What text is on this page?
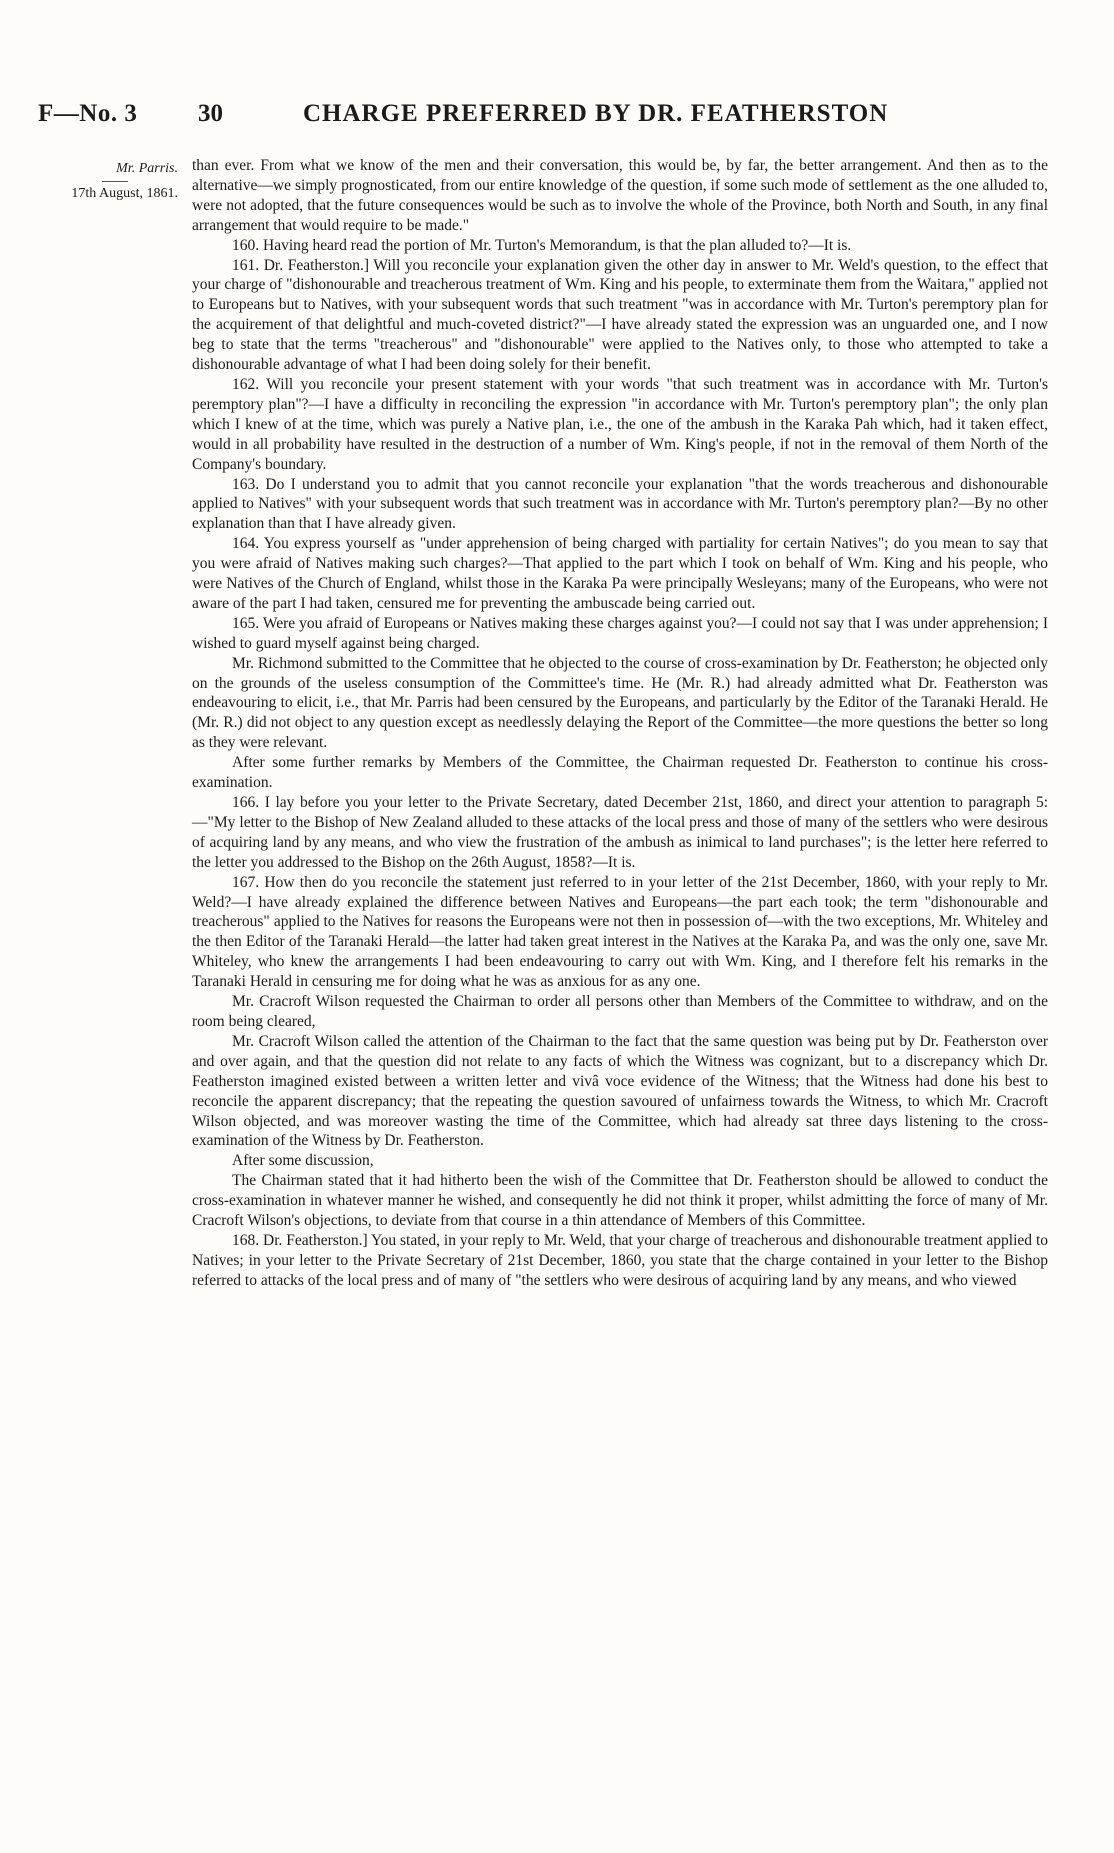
F—No. 3 30	CHARGE PREFERRED BY DR. FEATHERSTON
Mr. Parris.
17th August, 1861.

than ever. From what we know of the men and their conversation, this would be, by far, the better arrangement. And then as to the alternative—we simply prognosticated, from our entire knowledge of the question, if some such mode of settlement as the one alluded to, were not adopted, that the future consequences would be such as to involve the whole of the Province, both North and South, in any final arrangement that would require to be made."

160. Having heard read the portion of Mr. Turton's Memorandum, is that the plan alluded to?—It is.

161. Dr. Featherston.] Will you reconcile your explanation given the other day in answer to Mr. Weld's question, to the effect that your charge of "dishonourable and treacherous treatment of Wm. King and his people, to exterminate them from the Waitara," applied not to Europeans but to Natives, with your subsequent words that such treatment "was in accordance with Mr. Turton's peremptory plan for the acquirement of that delightful and much-coveted district?"—I have already stated the expression was an unguarded one, and I now beg to state that the terms "treacherous" and "dishonourable" were applied to the Natives only, to those who attempted to take a dishonourable advantage of what I had been doing solely for their benefit.

162. Will you reconcile your present statement with your words "that such treatment was in accordance with Mr. Turton's peremptory plan"?—I have a difficulty in reconciling the expression "in accordance with Mr. Turton's peremptory plan"; the only plan which I knew of at the time, which was purely a Native plan, i.e., the one of the ambush in the Karaka Pah which, had it taken effect, would in all probability have resulted in the destruction of a number of Wm. King's people, if not in the removal of them North of the Company's boundary.

163. Do I understand you to admit that you cannot reconcile your explanation "that the words treacherous and dishonourable applied to Natives" with your subsequent words that such treatment was in accordance with Mr. Turton's peremptory plan?—By no other explanation than that I have already given.

164. You express yourself as "under apprehension of being charged with partiality for certain Natives"; do you mean to say that you were afraid of Natives making such charges?—That applied to the part which I took on behalf of Wm. King and his people, who were Natives of the Church of England, whilst those in the Karaka Pa were principally Wesleyans; many of the Europeans, who were not aware of the part I had taken, censured me for preventing the ambuscade being carried out.

165. Were you afraid of Europeans or Natives making these charges against you?—I could not say that I was under apprehension; I wished to guard myself against being charged.

Mr. Richmond submitted to the Committee that he objected to the course of cross-examination by Dr. Featherston; he objected only on the grounds of the useless consumption of the Committee's time. He (Mr. R.) had already admitted what Dr. Featherston was endeavouring to elicit, i.e., that Mr. Parris had been censured by the Europeans, and particularly by the Editor of the Taranaki Herald. He (Mr. R.) did not object to any question except as needlessly delaying the Report of the Committee—the more questions the better so long as they were relevant.

After some further remarks by Members of the Committee, the Chairman requested Dr. Featherston to continue his cross-examination.

166. I lay before you your letter to the Private Secretary, dated December 21st, 1860, and direct your attention to paragraph 5:—"My letter to the Bishop of New Zealand alluded to these attacks of the local press and those of many of the settlers who were desirous of acquiring land by any means, and who view the frustration of the ambush as inimical to land purchases"; is the letter here referred to the letter you addressed to the Bishop on the 26th August, 1858?—It is.

167. How then do you reconcile the statement just referred to in your letter of the 21st December, 1860, with your reply to Mr. Weld?—I have already explained the difference between Natives and Europeans—the part each took; the term "dishonourable and treacherous" applied to the Natives for reasons the Europeans were not then in possession of—with the two exceptions, Mr. Whiteley and the then Editor of the Taranaki Herald—the latter had taken great interest in the Natives at the Karaka Pa, and was the only one, save Mr. Whiteley, who knew the arrangements I had been endeavouring to carry out with Wm. King, and I therefore felt his remarks in the Taranaki Herald in censuring me for doing what he was as anxious for as any one.

Mr. Cracroft Wilson requested the Chairman to order all persons other than Members of the Committee to withdraw, and on the room being cleared,

Mr. Cracroft Wilson called the attention of the Chairman to the fact that the same question was being put by Dr. Featherston over and over again, and that the question did not relate to any facts of which the Witness was cognizant, but to a discrepancy which Dr. Featherston imagined existed between a written letter and vivâ voce evidence of the Witness; that the Witness had done his best to reconcile the apparent discrepancy; that the repeating the question savoured of unfairness towards the Witness, to which Mr. Cracroft Wilson objected, and was moreover wasting the time of the Committee, which had already sat three days listening to the cross-examination of the Witness by Dr. Featherston.

After some discussion,

The Chairman stated that it had hitherto been the wish of the Committee that Dr. Featherston should be allowed to conduct the cross-examination in whatever manner he wished, and consequently he did not think it proper, whilst admitting the force of many of Mr. Cracroft Wilson's objections, to deviate from that course in a thin attendance of Members of this Committee.

168. Dr. Featherston.] You stated, in your reply to Mr. Weld, that your charge of treacherous and dishonourable treatment applied to Natives; in your letter to the Private Secretary of 21st December, 1860, you state that the charge contained in your letter to the Bishop referred to attacks of the local press and of many of "the settlers who were desirous of acquiring land by any means, and who viewed
